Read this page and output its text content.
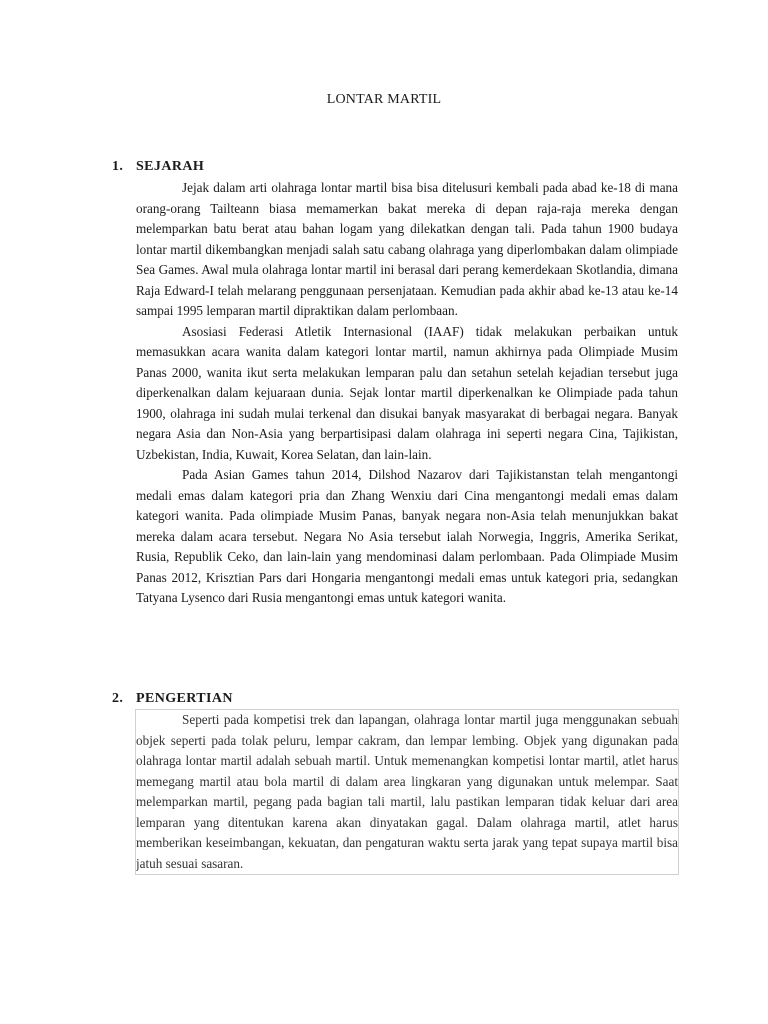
LONTAR MARTIL
1. SEJARAH

Jejak dalam arti olahraga lontar martil bisa bisa ditelusuri kembali pada abad ke-18 di mana orang-orang Tailteann biasa memamerkan bakat mereka di depan raja-raja mereka dengan melemparkan batu berat atau bahan logam yang dilekatkan dengan tali. Pada tahun 1900 budaya lontar martil dikembangkan menjadi salah satu cabang olahraga yang diperlombakan dalam olimpiade Sea Games. Awal mula olahraga lontar martil ini berasal dari perang kemerdekaan Skotlandia, dimana Raja Edward-I telah melarang penggunaan persenjataan. Kemudian pada akhir abad ke-13 atau ke-14 sampai 1995 lemparan martil dipraktikan dalam perlombaan.

Asosiasi Federasi Atletik Internasional (IAAF) tidak melakukan perbaikan untuk memasukkan acara wanita dalam kategori lontar martil, namun akhirnya pada Olimpiade Musim Panas 2000, wanita ikut serta melakukan lemparan palu dan setahun setelah kejadian tersebut juga diperkenalkan dalam kejuaraan dunia. Sejak lontar martil diperkenalkan ke Olimpiade pada tahun 1900, olahraga ini sudah mulai terkenal dan disukai banyak masyarakat di berbagai negara. Banyak negara Asia dan Non-Asia yang berpartisipasi dalam olahraga ini seperti negara Cina, Tajikistan, Uzbekistan, India, Kuwait, Korea Selatan, dan lain-lain.

Pada Asian Games tahun 2014, Dilshod Nazarov dari Tajikistanstan telah mengantongi medali emas dalam kategori pria dan Zhang Wenxiu dari Cina mengantongi medali emas dalam kategori wanita. Pada olimpiade Musim Panas, banyak negara non-Asia telah menunjukkan bakat mereka dalam acara tersebut. Negara No Asia tersebut ialah Norwegia, Inggris, Amerika Serikat, Rusia, Republik Ceko, dan lain-lain yang mendominasi dalam perlombaan. Pada Olimpiade Musim Panas 2012, Krisztian Pars dari Hongaria mengantongi medali emas untuk kategori pria, sedangkan Tatyana Lysenco dari Rusia mengantongi emas untuk kategori wanita.

2. PENGERTIAN

Seperti pada kompetisi trek dan lapangan, olahraga lontar martil juga menggunakan sebuah objek seperti pada tolak peluru, lempar cakram, dan lempar lembing. Objek yang digunakan pada olahraga lontar martil adalah sebuah martil. Untuk memenangkan kompetisi lontar martil, atlet harus memegang martil atau bola martil di dalam area lingkaran yang digunakan untuk melempar. Saat melemparkan martil, pegang pada bagian tali martil, lalu pastikan lemparan tidak keluar dari area lemparan yang ditentukan karena akan dinyatakan gagal. Dalam olahraga martil, atlet harus memberikan keseimbangan, kekuatan, dan pengaturan waktu serta jarak yang tepat supaya martil bisa jatuh sesuai sasaran.
